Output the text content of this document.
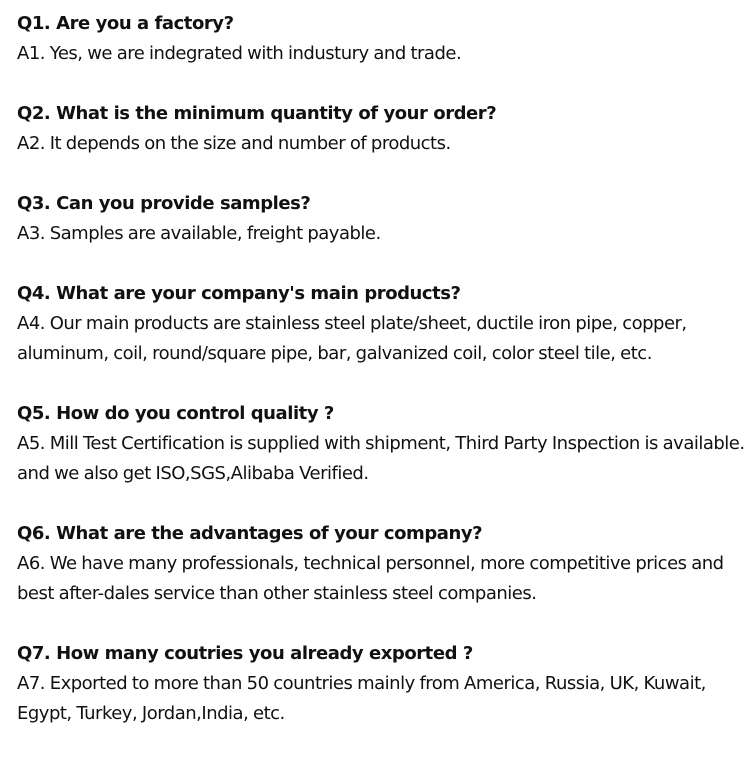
Q1. Are you a factory?
A1. Yes, we are indegrated with industury and trade.
Q2. What is the minimum quantity of your order?
A2. It depends on the size and number of products.
Q3. Can you provide samples?
A3. Samples are available, freight payable.
Q4. What are your company's main products?
A4. Our main products are stainless steel plate/sheet, ductile iron pipe, copper, aluminum, coil, round/square pipe, bar, galvanized coil, color steel tile, etc.
Q5. How do you control quality ?
A5. Mill Test Certification is supplied with shipment, Third Party Inspection is available. and we also get ISO,SGS,Alibaba Verified.
Q6. What are the advantages of your company?
A6. We have many professionals, technical personnel, more competitive prices and best after-dales service than other stainless steel companies.
Q7. How many coutries you already exported ?
A7. Exported to more than 50 countries mainly from America, Russia, UK, Kuwait, Egypt, Turkey, Jordan,India, etc.
